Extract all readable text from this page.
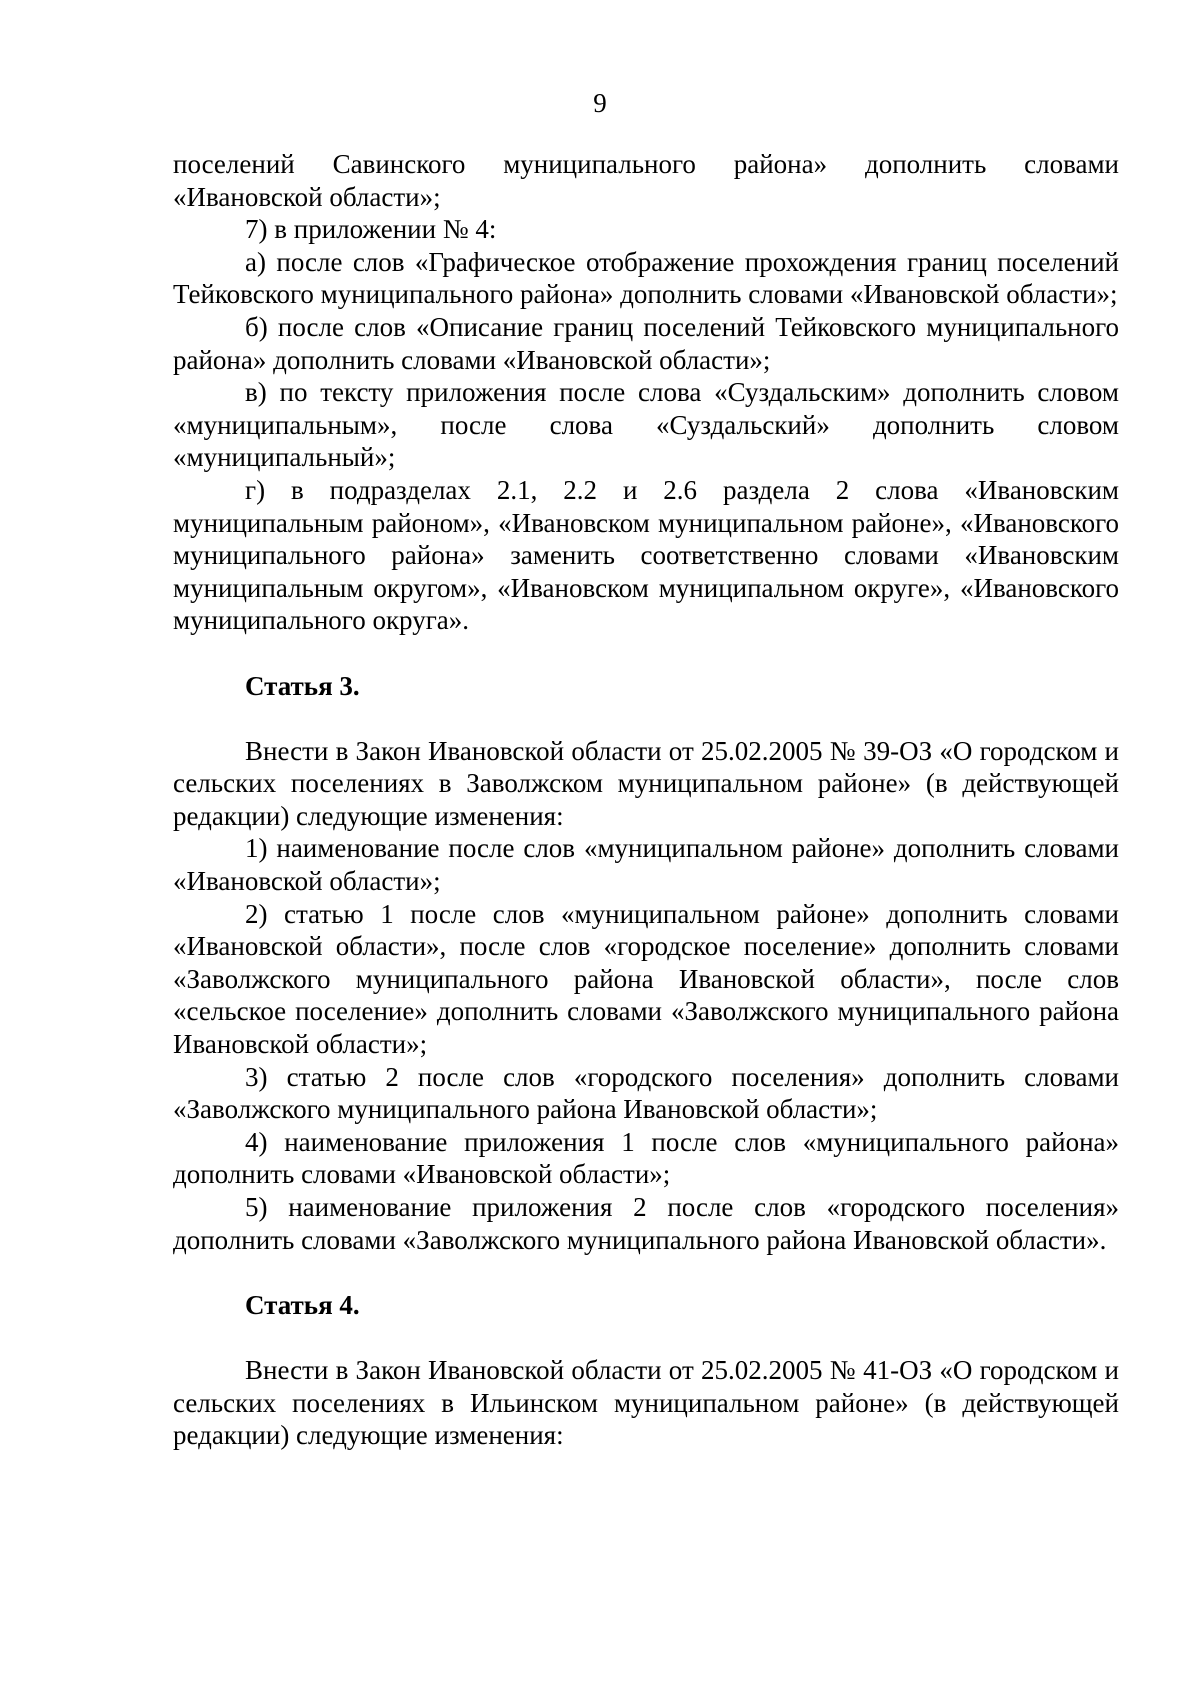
9

поселений Савинского муниципального района» дополнить словами «Ивановской области»;

7) в приложении № 4:

а) после слов «Графическое отображение прохождения границ поселений Тейковского муниципального района» дополнить словами «Ивановской области»;

б) после слов «Описание границ поселений Тейковского муниципального района» дополнить словами «Ивановской области»;

в) по тексту приложения после слова «Суздальским» дополнить словом «муниципальным», после слова «Суздальский» дополнить словом «муниципальный»;

г) в подразделах 2.1, 2.2 и 2.6 раздела 2 слова «Ивановским муниципальным районом», «Ивановском муниципальном районе», «Ивановского муниципального района» заменить соответственно словами «Ивановским муниципальным округом», «Ивановском муниципальном округе», «Ивановского муниципального округа».

Статья 3.

Внести в Закон Ивановской области от 25.02.2005 № 39-ОЗ «О городском и сельских поселениях в Заволжском муниципальном районе» (в действующей редакции) следующие изменения:

1) наименование после слов «муниципальном районе» дополнить словами «Ивановской области»;

2) статью 1 после слов «муниципальном районе» дополнить словами «Ивановской области», после слов «городское поселение» дополнить словами «Заволжского муниципального района Ивановской области», после слов «сельское поселение» дополнить словами «Заволжского муниципального района Ивановской области»;

3) статью 2 после слов «городского поселения» дополнить словами «Заволжского муниципального района Ивановской области»;

4) наименование приложения 1 после слов «муниципального района» дополнить словами «Ивановской области»;

5) наименование приложения 2 после слов «городского поселения» дополнить словами «Заволжского муниципального района Ивановской области».

Статья 4.

Внести в Закон Ивановской области от 25.02.2005 № 41-ОЗ «О городском и сельских поселениях в Ильинском муниципальном районе» (в действующей редакции) следующие изменения:
